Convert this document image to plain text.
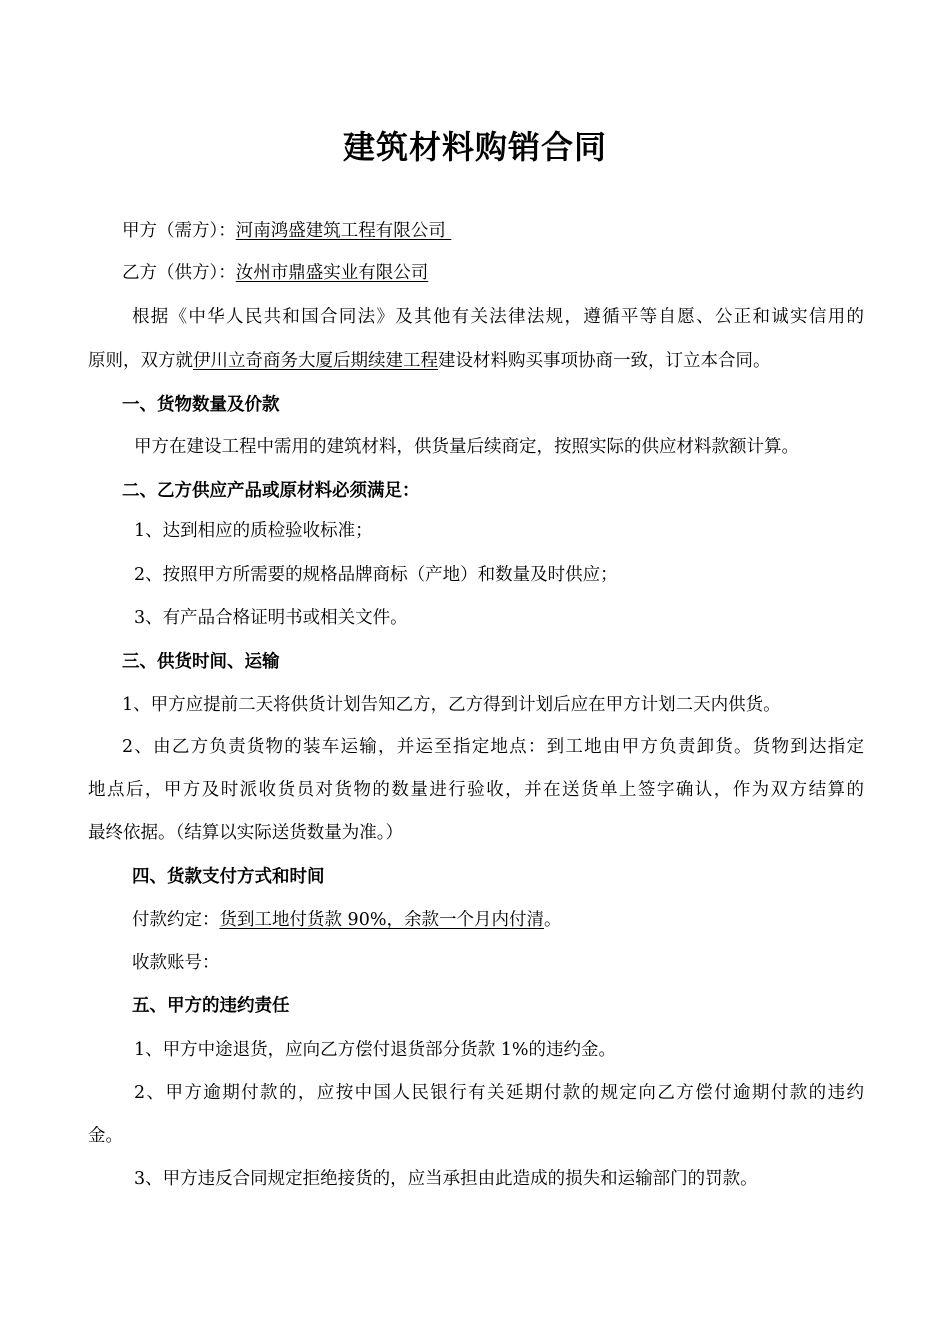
建筑材料购销合同
甲方（需方）：河南鸿盛建筑工程有限公司
乙方（供方）：汝州市鼎盛实业有限公司
根据《中华人民共和国合同法》及其他有关法律法规，遵循平等自愿、公正和诚实信用的
原则，双方就伊川立奇商务大厦后期续建工程建设材料购买事项协商一致，订立本合同。
一、货物数量及价款
甲方在建设工程中需用的建筑材料，供货量后续商定，按照实际的供应材料款额计算。
二、乙方供应产品或原材料必须满足：
1、达到相应的质检验收标准；
2、按照甲方所需要的规格品牌商标（产地）和数量及时供应；
3、有产品合格证明书或相关文件。
三、供货时间、运输
1、甲方应提前二天将供货计划告知乙方，乙方得到计划后应在甲方计划二天内供货。
2、由乙方负责货物的装车运输，并运至指定地点：到工地由甲方负责卸货。货物到达指定
地点后，甲方及时派收货员对货物的数量进行验收，并在送货单上签字确认，作为双方结算的
最终依据。（结算以实际送货数量为准。）
四、货款支付方式和时间
付款约定：货到工地付货款 90%，余款一个月内付清。
收款账号：
五、甲方的违约责任
1、甲方中途退货，应向乙方偿付退货部分货款 1%的违约金。
2、甲方逾期付款的，应按中国人民银行有关延期付款的规定向乙方偿付逾期付款的违约
金。
3、甲方违反合同规定拒绝接货的，应当承担由此造成的损失和运输部门的罚款。
